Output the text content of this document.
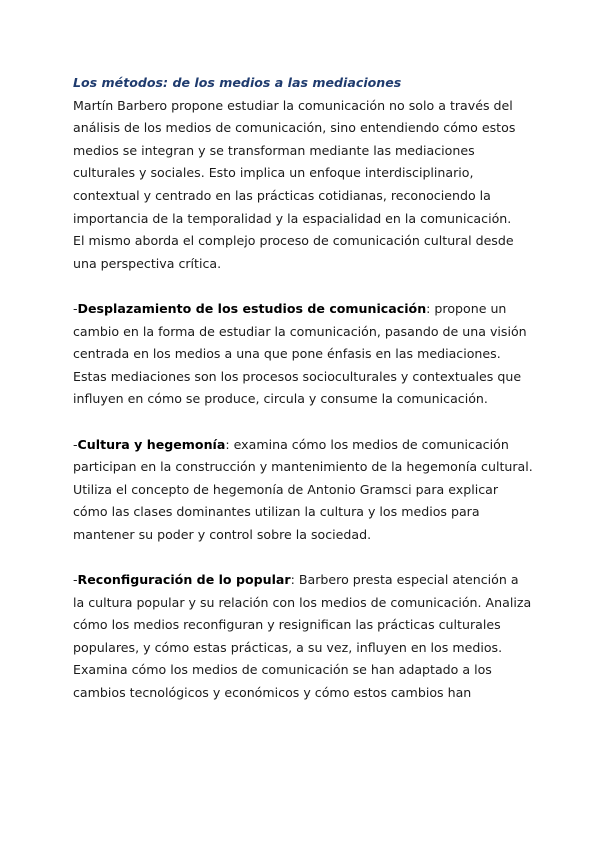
Los métodos: de los medios a las mediaciones

Martín Barbero propone estudiar la comunicación no solo a través del análisis de los medios de comunicación, sino entendiendo cómo estos medios se integran y se transforman mediante las mediaciones culturales y sociales. Esto implica un enfoque interdisciplinario, contextual y centrado en las prácticas cotidianas, reconociendo la importancia de la temporalidad y la espacialidad en la comunicación.

El mismo aborda el complejo proceso de comunicación cultural desde una perspectiva crítica.

-Desplazamiento de los estudios de comunicación: propone un cambio en la forma de estudiar la comunicación, pasando de una visión centrada en los medios a una que pone énfasis en las mediaciones. Estas mediaciones son los procesos socioculturales y contextuales que influyen en cómo se produce, circula y consume la comunicación.

-Cultura y hegemonía: examina cómo los medios de comunicación participan en la construcción y mantenimiento de la hegemonía cultural. Utiliza el concepto de hegemonía de Antonio Gramsci para explicar cómo las clases dominantes utilizan la cultura y los medios para mantener su poder y control sobre la sociedad.

-Reconfiguración de lo popular: Barbero presta especial atención a la cultura popular y su relación con los medios de comunicación. Analiza cómo los medios reconfiguran y resignifican las prácticas culturales populares, y cómo estas prácticas, a su vez, influyen en los medios.

Examina cómo los medios de comunicación se han adaptado a los cambios tecnológicos y económicos y cómo estos cambios han
